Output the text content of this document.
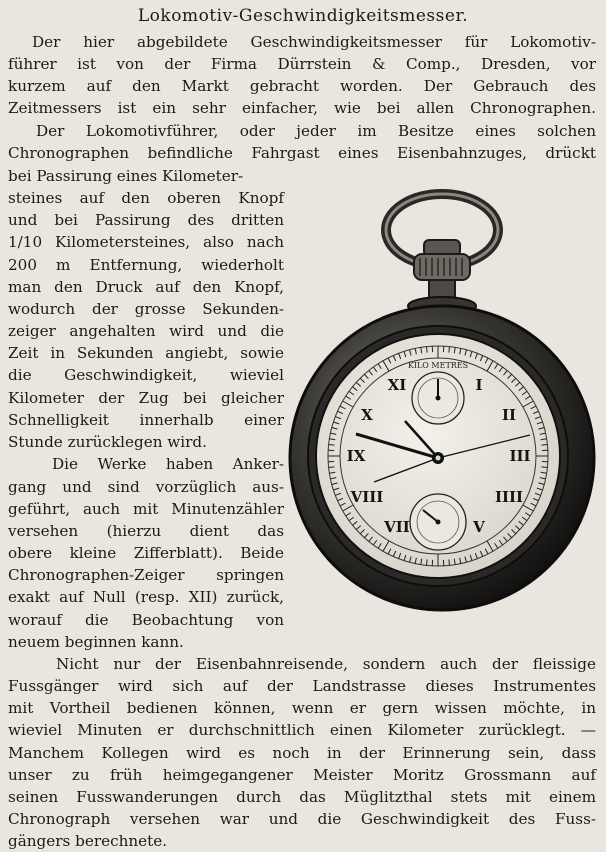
Lokomotiv-Geschwindigkeitsmesser.
Der hier abgebildete Geschwindigkeitsmesser für Lokomotiv-
führer ist von der Firma Dürrstein & Comp., Dresden, vor
kurzem auf den Markt gebracht worden. Der Gebrauch des
Zeitmessers ist ein sehr einfacher, wie bei allen Chronographen.
Der Lokomotivführer, oder jeder im Besitze eines solchen
Chronographen befindliche Fahrgast eines Eisenbahnzuges, drückt
bei Passirung eines Kilometer-
steines auf den oberen Knopf
und bei Passirung des dritten
1/10 Kilometersteines, also nach
200 m Entfernung, wiederholt
man den Druck auf den Knopf,
wodurch der grosse Sekunden-
zeiger angehalten wird und die
Zeit in Sekunden angiebt, sowie
die Geschwindigkeit, wieviel
Kilometer der Zug bei gleicher
Schnelligkeit innerhalb einer
Stunde zurücklegen wird.
Die Werke haben Anker-
gang und sind vorzüglich aus-
geführt, auch mit Minutenzähler
versehen (hierzu dient das
obere kleine Zifferblatt). Beide
Chronographen-Zeiger springen
exakt auf Null (resp. XII) zurück,
worauf die Beobachtung von
neuem beginnen kann.
Nicht nur der Eisenbahnreisende, sondern auch der fleissige
Fussgänger wird sich auf der Landstrasse dieses Instrumentes
mit Vortheil bedienen können, wenn er gern wissen möchte, in
wieviel Minuten er durchschnittlich einen Kilometer zurücklegt. —
Manchem Kollegen wird es noch in der Erinnerung sein, dass
unser zu früh heimgegangener Meister Moritz Grossmann auf
seinen Fusswanderungen durch das Müglitzthal stets mit einem
Chronograph versehen war und die Geschwindigkeit des Fuss-
gängers berechnete.
KILO METRES
I
II
III
IIII
V
VII
VIII
IX
X
XI
